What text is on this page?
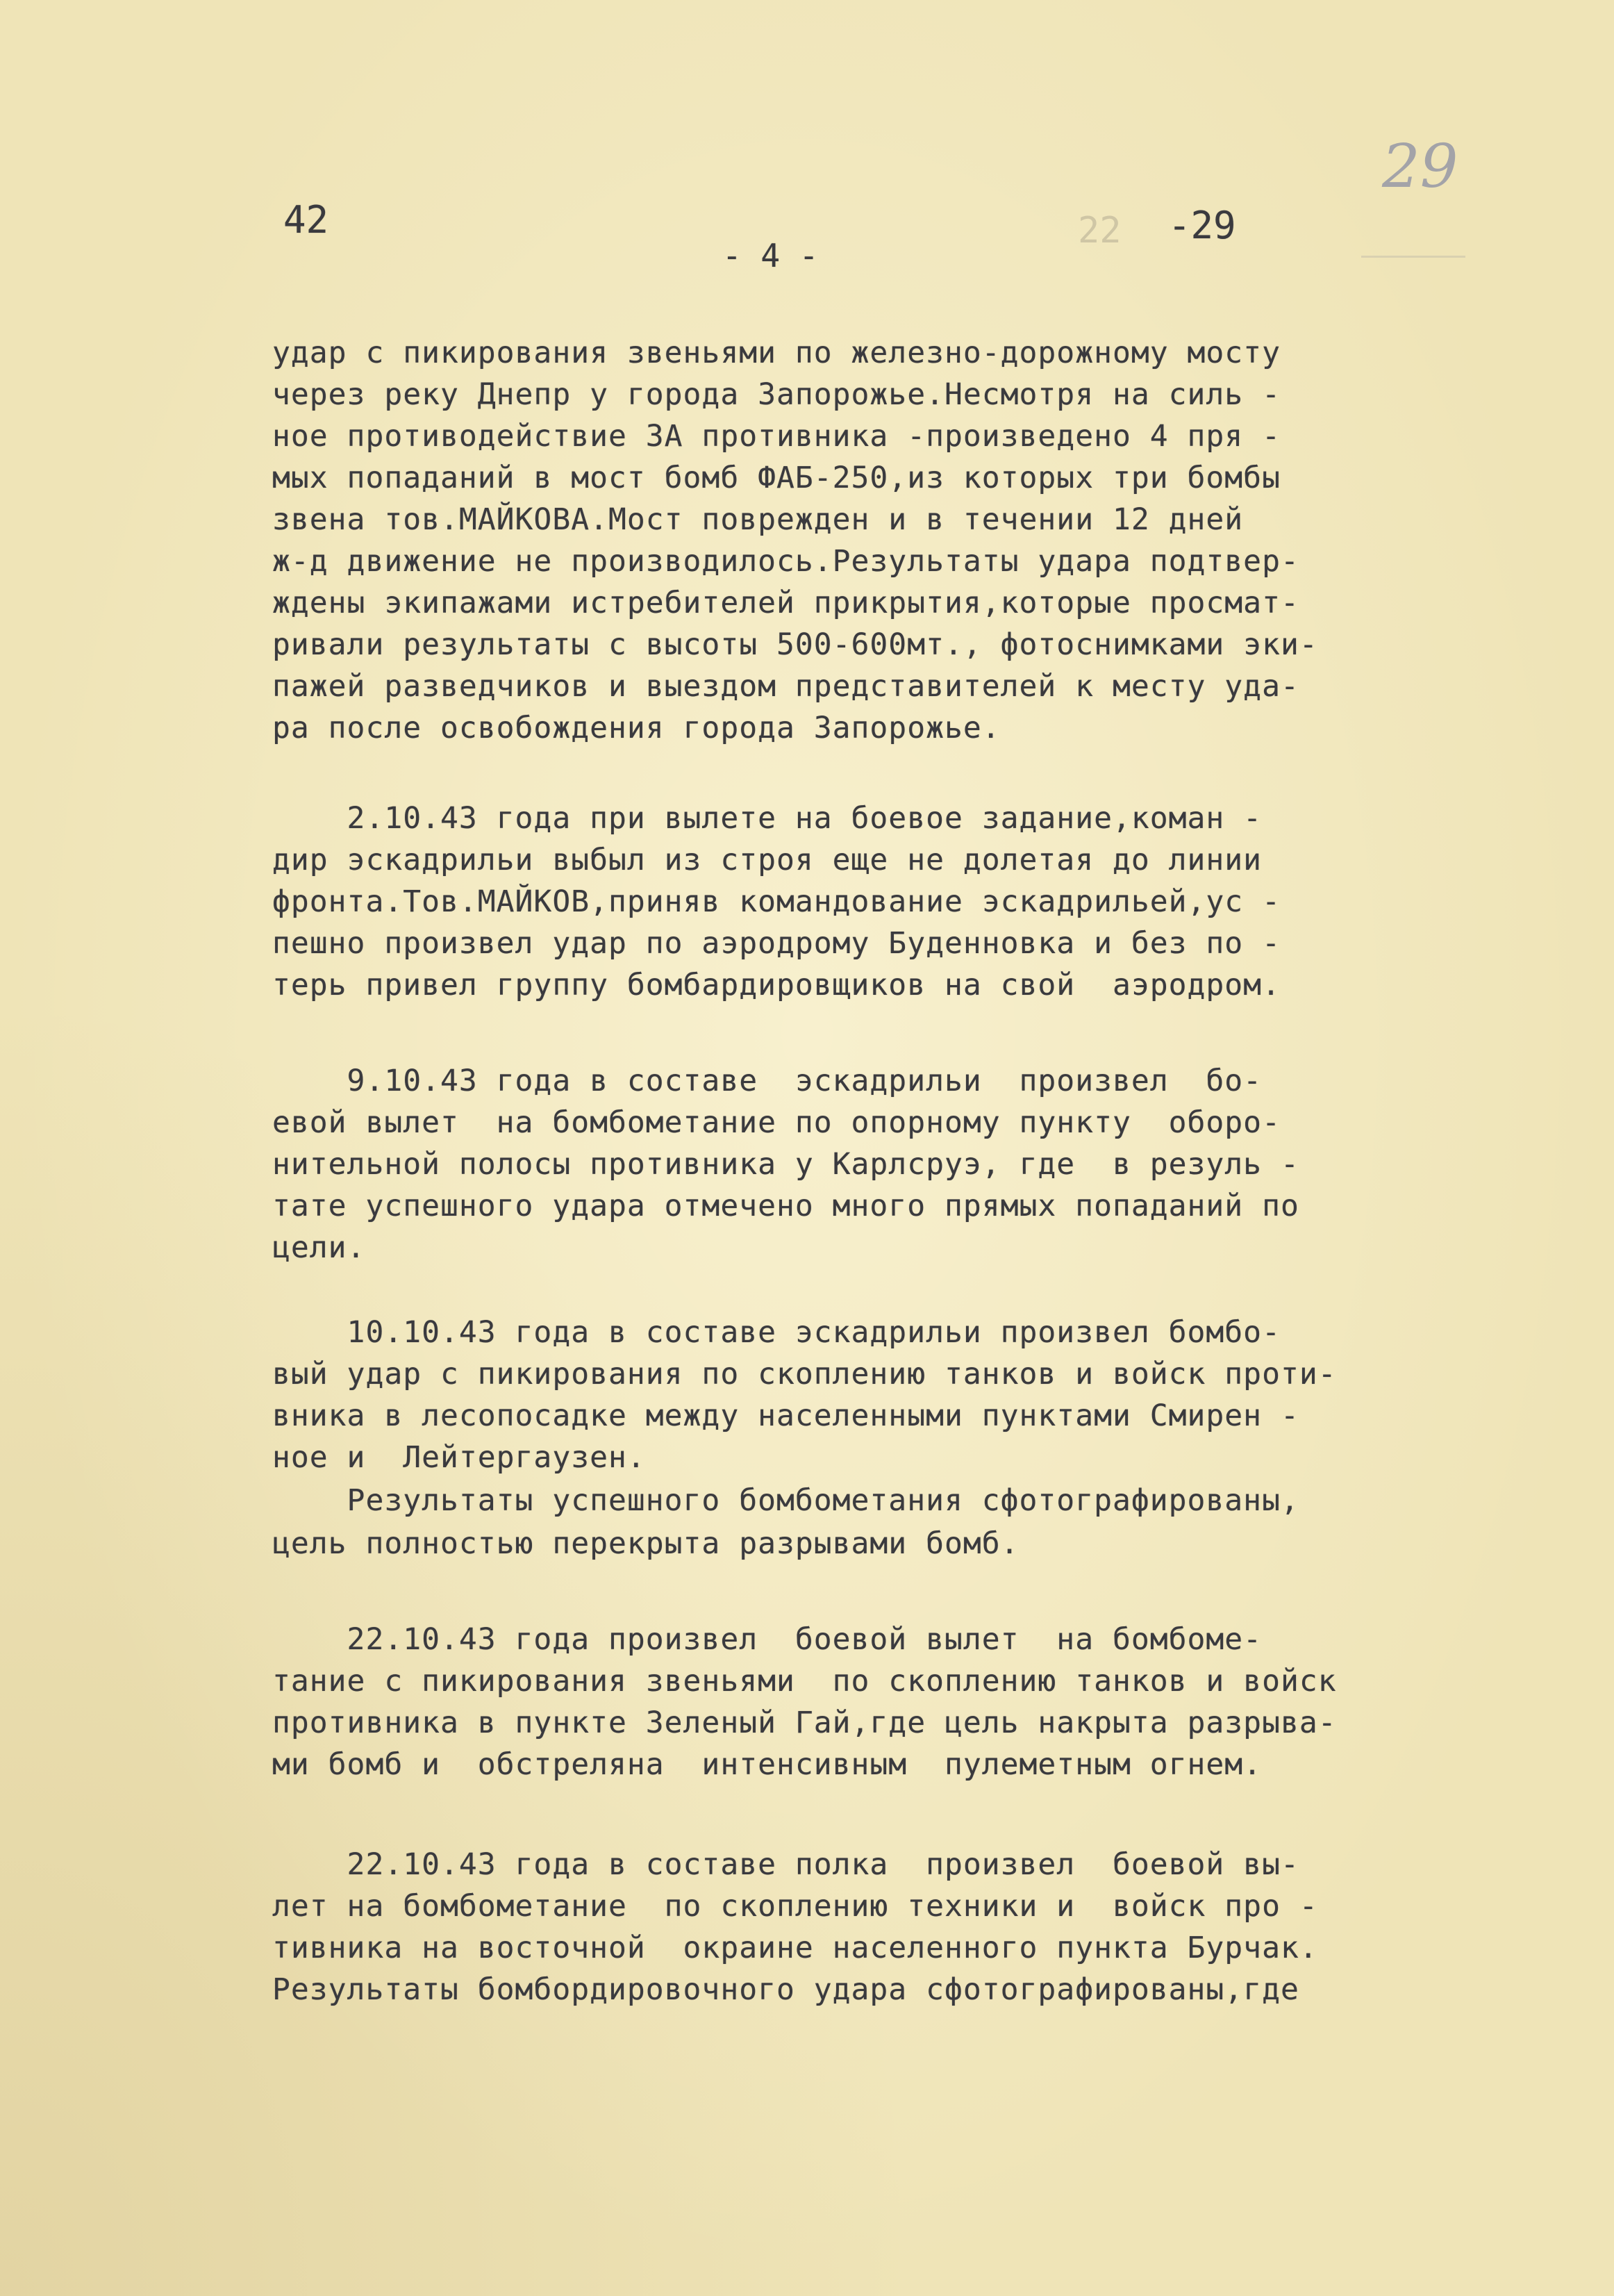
42
- 4 -
22 -29
29
удар с пикирования звеньями по железно-дорожному мосту
через реку Днепр у города Запорожье.Несмотря на силь -
ное противодействие ЗА противника -произведено 4 пря -
мых попаданий в мост бомб ФАБ-250,из которых три бомбы
звена тов.МАЙКОВА.Мост поврежден и в течении 12 дней
ж-д движение не производилось.Результаты удара подтвер-
ждены экипажами истребителей прикрытия,которые просмат-
ривали результаты с высоты 500-600мт., фотоснимками эки-
пажей разведчиков и выездом представителей к месту уда-
ра после освобождения города Запорожье.
2.10.43 года при вылете на боевое задание,коман -
дир эскадрильи выбыл из строя еще не долетая до линии
фронта.Тов.МАЙКОВ,приняв командование эскадрильей,ус -
пешно произвел удар по аэродрому Буденновка и без по -
терь привел группу бомбардировщиков на свой  аэродром.
9.10.43 года в составе  эскадрильи  произвел  бо-
евой вылет  на бомбометание по опорному пункту  оборо-
нительной полосы противника у Карлсруэ, где  в резуль -
тате успешного удара отмечено много прямых попаданий по
цели.
10.10.43 года в составе эскадрильи произвел бомбо-
вый удар с пикирования по скоплению танков и войск проти-
вника в лесопосадке между населенными пунктами Смирен -
ное и  Лейтергаузен.
Результаты успешного бомбометания сфотографированы,
цель полностью перекрыта разрывами бомб.
22.10.43 года произвел  боевой вылет  на бомбоме-
тание с пикирования звеньями  по скоплению танков и войск
противника в пункте Зеленый Гай,где цель накрыта разрыва-
ми бомб и  обстреляна  интенсивным  пулеметным огнем.
22.10.43 года в составе полка  произвел  боевой вы-
лет на бомбометание  по скоплению техники и  войск про -
тивника на восточной  окраине населенного пункта Бурчак.
Результаты бомбордировочного удара сфотографированы,где
